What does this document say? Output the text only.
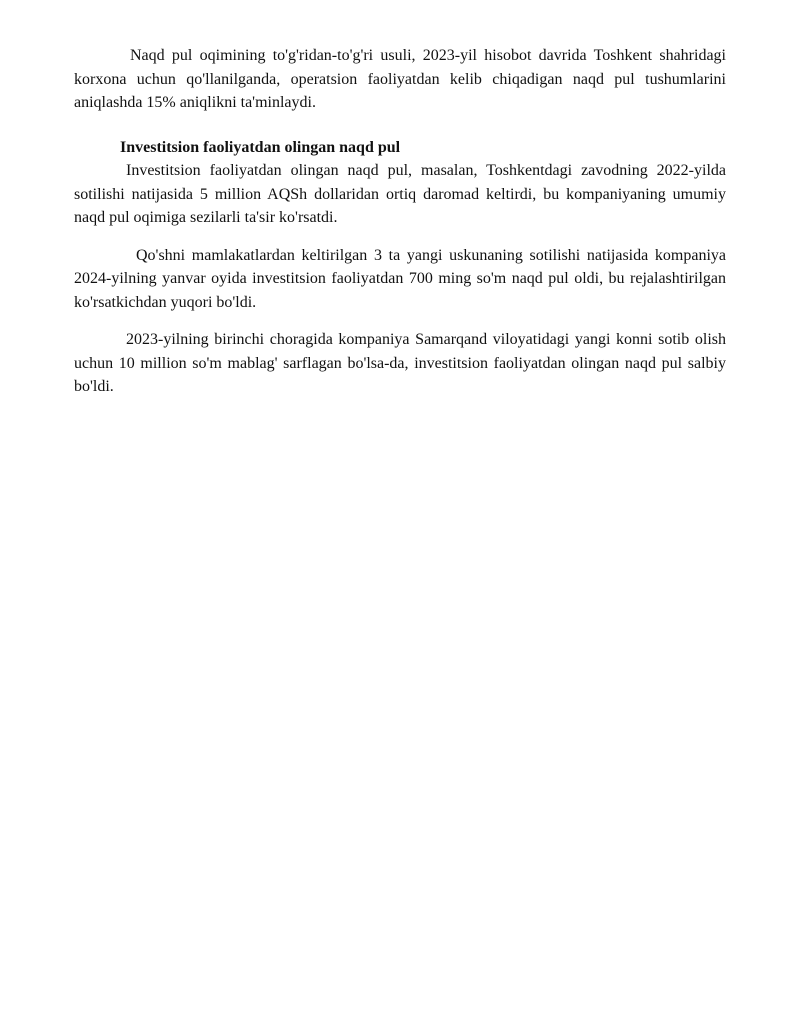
Naqd pul oqimining to'g'ridan-to'g'ri usuli, 2023-yil hisobot davrida Toshkent shahridagi korxona uchun qo'llanilganda, operatsion faoliyatdan kelib chiqadigan naqd pul tushumlarini aniqlashda 15% aniqlikni ta'minlaydi.

Investitsion faoliyatdan olingan naqd pul

Investitsion faoliyatdan olingan naqd pul, masalan, Toshkentdagi zavodning 2022-yilda sotilishi natijasida 5 million AQSh dollaridan ortiq daromad keltirdi, bu kompaniyaning umumiy naqd pul oqimiga sezilarli ta'sir ko'rsatdi.

Qo'shni mamlakatlardan keltirilgan 3 ta yangi uskunaning sotilishi natijasida kompaniya 2024-yilning yanvar oyida investitsion faoliyatdan 700 ming so'm naqd pul oldi, bu rejalashtirilgan ko'rsatkichdan yuqori bo'ldi.

2023-yilning birinchi choragida kompaniya Samarqand viloyatidagi yangi konni sotib olish uchun 10 million so'm mablag' sarflagan bo'lsa-da, investitsion faoliyatdan olingan naqd pul salbiy bo'ldi.
